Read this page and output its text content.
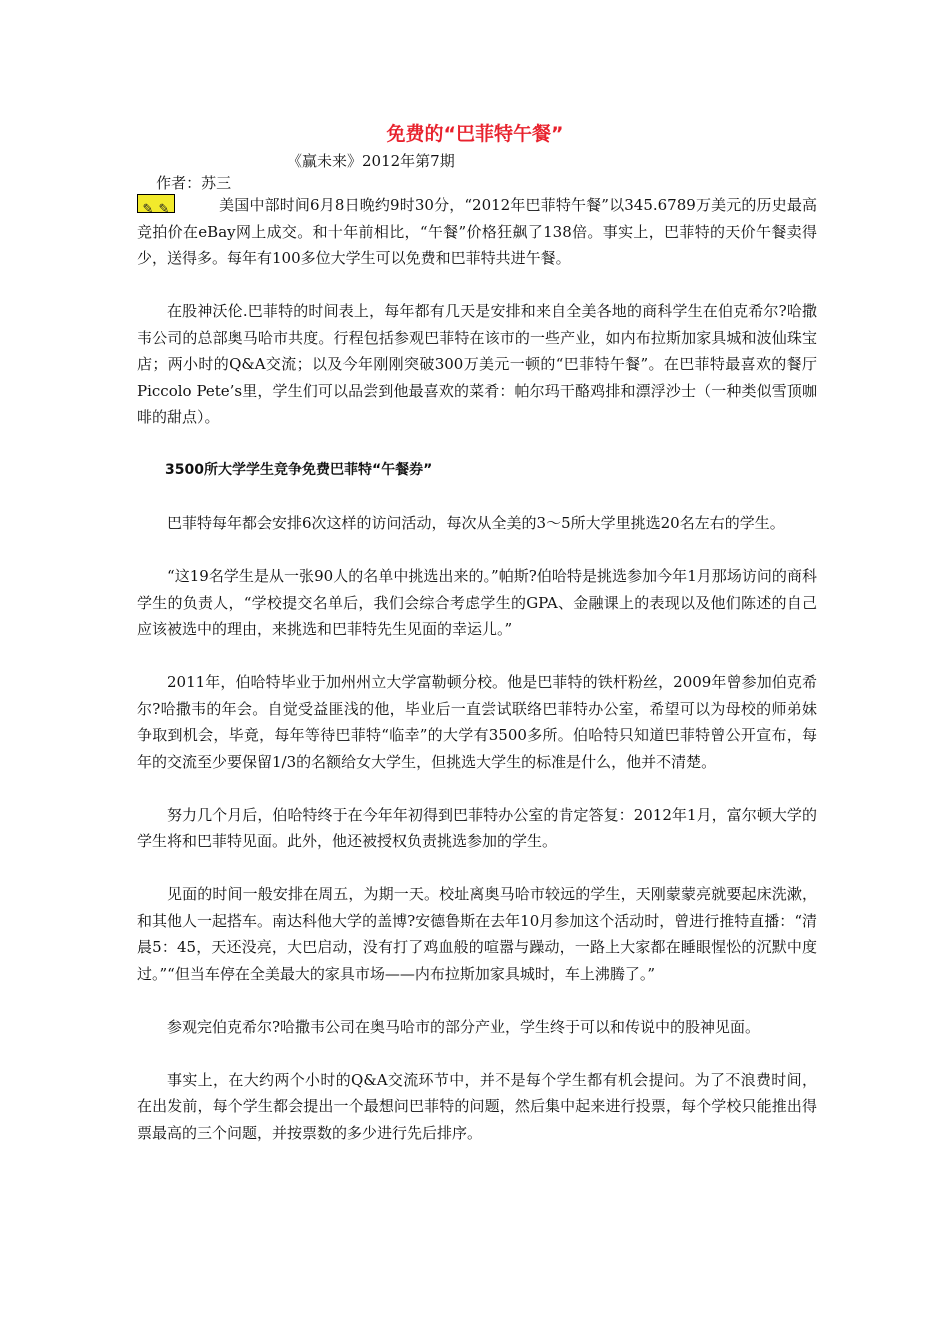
免费的“巴菲特午餐”

作者：苏三

《赢未来》2012年第7期

✎ ✎	美国中部时间6月8日晚约9时30分，“2012年巴菲特午餐”以345.6789万美元的历史最高竞拍价在eBay网上成交。和十年前相比，“午餐”价格狂飙了138倍。事实上，巴菲特的天价午餐卖得少，送得多。每年有100多位大学生可以免费和巴菲特共进午餐。

在股神沃伦.巴菲特的时间表上，每年都有几天是安排和来自全美各地的商科学生在伯克希尔?哈撒韦公司的总部奥马哈市共度。行程包括参观巴菲特在该市的一些产业，如内布拉斯加家具城和波仙珠宝店；两小时的Q&A交流；以及今年刚刚突破300万美元一顿的“巴菲特午餐”。在巴菲特最喜欢的餐厅Piccolo Pete’s里，学生们可以品尝到他最喜欢的菜肴：帕尔玛干酪鸡排和漂浮沙士（一种类似雪顶咖啡的甜点）。

3500所大学学生竞争免费巴菲特“午餐券”

巴菲特每年都会安排6次这样的访问活动，每次从全美的3～5所大学里挑选20名左右的学生。

“这19名学生是从一张90人的名单中挑选出来的。”帕斯?伯哈特是挑选参加今年1月那场访问的商科学生的负责人，“学校提交名单后，我们会综合考虑学生的GPA、金融课上的表现以及他们陈述的自己应该被选中的理由，来挑选和巴菲特先生见面的幸运儿。”

2011年，伯哈特毕业于加州州立大学富勒顿分校。他是巴菲特的铁杆粉丝，2009年曾参加伯克希尔?哈撒韦的年会。自觉受益匪浅的他，毕业后一直尝试联络巴菲特办公室，希望可以为母校的师弟妹争取到机会，毕竟，每年等待巴菲特“临幸”的大学有3500多所。伯哈特只知道巴菲特曾公开宣布，每年的交流至少要保留1/3的名额给女大学生，但挑选大学生的标准是什么，他并不清楚。

努力几个月后，伯哈特终于在今年年初得到巴菲特办公室的肯定答复：2012年1月，富尔顿大学的学生将和巴菲特见面。此外，他还被授权负责挑选参加的学生。

见面的时间一般安排在周五，为期一天。校址离奥马哈市较远的学生，天刚蒙蒙亮就要起床洗漱，和其他人一起搭车。南达科他大学的盖博?安德鲁斯在去年10月参加这个活动时，曾进行推特直播：“清晨5：45，天还没亮，大巴启动，没有打了鸡血般的喧嚣与躁动，一路上大家都在睡眼惺忪的沉默中度过。”“但当车停在全美最大的家具市场——内布拉斯加家具城时，车上沸腾了。”

参观完伯克希尔?哈撒韦公司在奥马哈市的部分产业，学生终于可以和传说中的股神见面。

事实上，在大约两个小时的Q&A交流环节中，并不是每个学生都有机会提问。为了不浪费时间，在出发前，每个学生都会提出一个最想问巴菲特的问题，然后集中起来进行投票，每个学校只能推出得票最高的三个问题，并按票数的多少进行先后排序。
